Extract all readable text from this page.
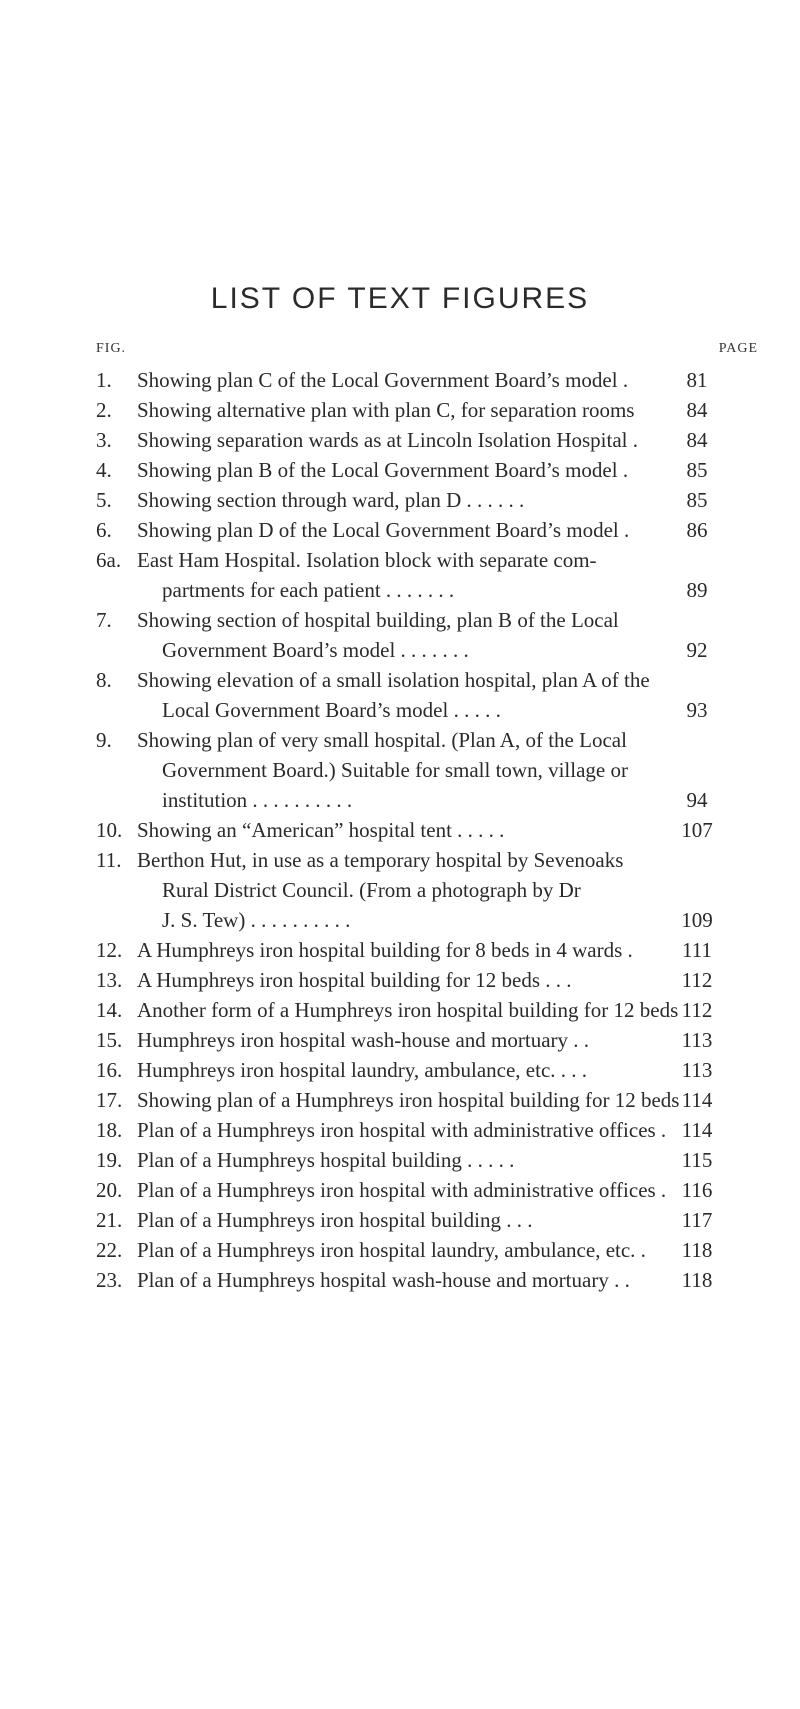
LIST OF TEXT FIGURES
FIG.	PAGE
1.	Showing plan C of the Local Government Board’s model .	81
2.	Showing alternative plan with plan C, for separation rooms	84
3.	Showing separation wards as at Lincoln Isolation Hospital .	84
4.	Showing plan B of the Local Government Board’s model .	85
5.	Showing section through ward, plan D . . . . . .	85
6.	Showing plan D of the Local Government Board’s model .	86
6a. East Ham Hospital. Isolation block with separate com-
partments for each patient . . . . . . .	89
7.	Showing section of hospital building, plan B of the Local
Government Board’s model . . . . . . .	92
8.	Showing elevation of a small isolation hospital, plan A of the
Local Government Board’s model . . . . .	93
9.	Showing plan of very small hospital. (Plan A, of the Local
Government Board.) Suitable for small town, village or
institution . . . . . . . . . .	94
10. Showing an “American” hospital tent . . . . .	107
11. Berthon Hut, in use as a temporary hospital by Sevenoaks
Rural District Council. (From a photograph by Dr
J. S. Tew) . . . . . . . . . .	109
12. A Humphreys iron hospital building for 8 beds in 4 wards .	111
13. A Humphreys iron hospital building for 12 beds . . .	112
14. Another form of a Humphreys iron hospital building for 12 beds 112
15. Humphreys iron hospital wash-house and mortuary . .	113
16. Humphreys iron hospital laundry, ambulance, etc. . . .	113
17. Showing plan of a Humphreys iron hospital building for 12 beds 114
18. Plan of a Humphreys iron hospital with administrative offices . 114
19. Plan of a Humphreys hospital building . . . . .	115
20. Plan of a Humphreys iron hospital with administrative offices . 116
21. Plan of a Humphreys iron hospital building . . .	117
22. Plan of a Humphreys iron hospital laundry, ambulance, etc. .	118
23. Plan of a Humphreys hospital wash-house and mortuary . .	118
